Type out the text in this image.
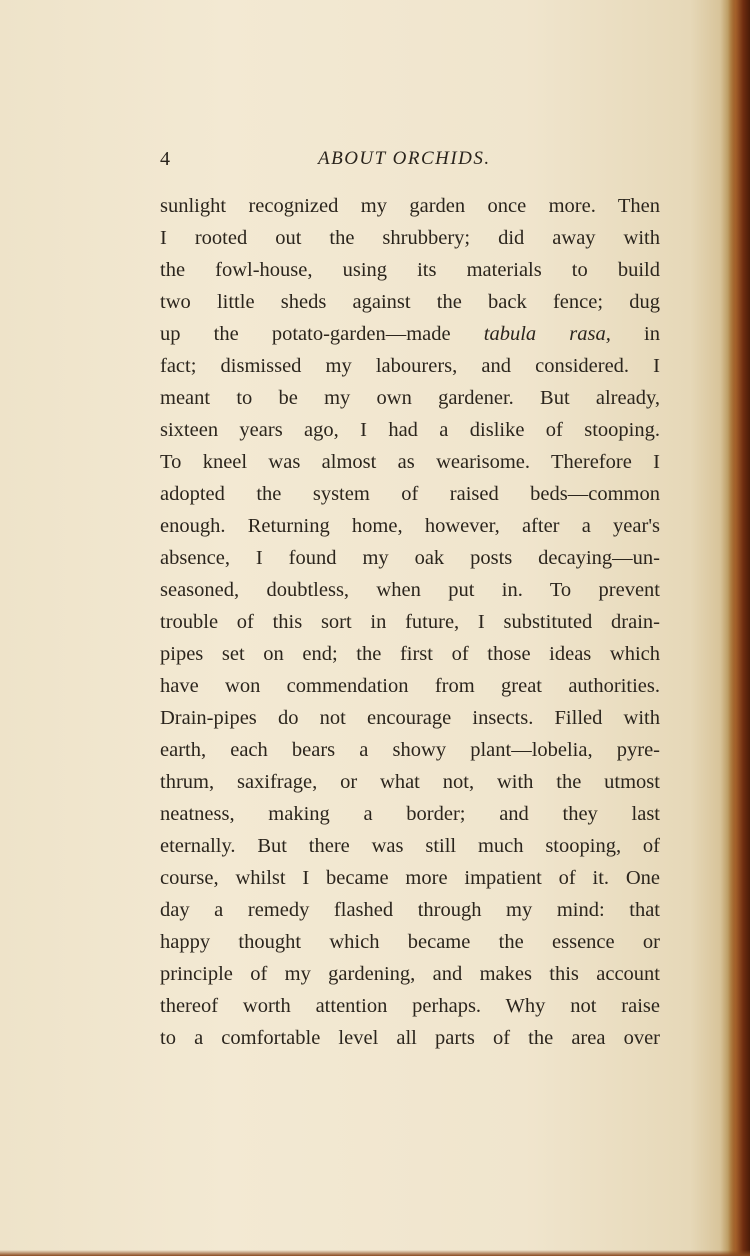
4	ABOUT ORCHIDS.
sunlight recognized my garden once more. Then
I rooted out the shrubbery; did away with
the fowl-house, using its materials to build
two little sheds against the back fence; dug
up the potato-garden—made tabula rasa, in
fact; dismissed my labourers, and considered. I
meant to be my own gardener. But already,
sixteen years ago, I had a dislike of stooping.
To kneel was almost as wearisome. Therefore I
adopted the system of raised beds—common
enough. Returning home, however, after a year's
absence, I found my oak posts decaying—un-
seasoned, doubtless, when put in. To prevent
trouble of this sort in future, I substituted drain-
pipes set on end; the first of those ideas which
have won commendation from great authorities.
Drain-pipes do not encourage insects. Filled with
earth, each bears a showy plant—lobelia, pyre-
thrum, saxifrage, or what not, with the utmost
neatness, making a border; and they last
eternally. But there was still much stooping, of
course, whilst I became more impatient of it. One
day a remedy flashed through my mind: that
happy thought which became the essence or
principle of my gardening, and makes this account
thereof worth attention perhaps. Why not raise
to a comfortable level all parts of the area over
